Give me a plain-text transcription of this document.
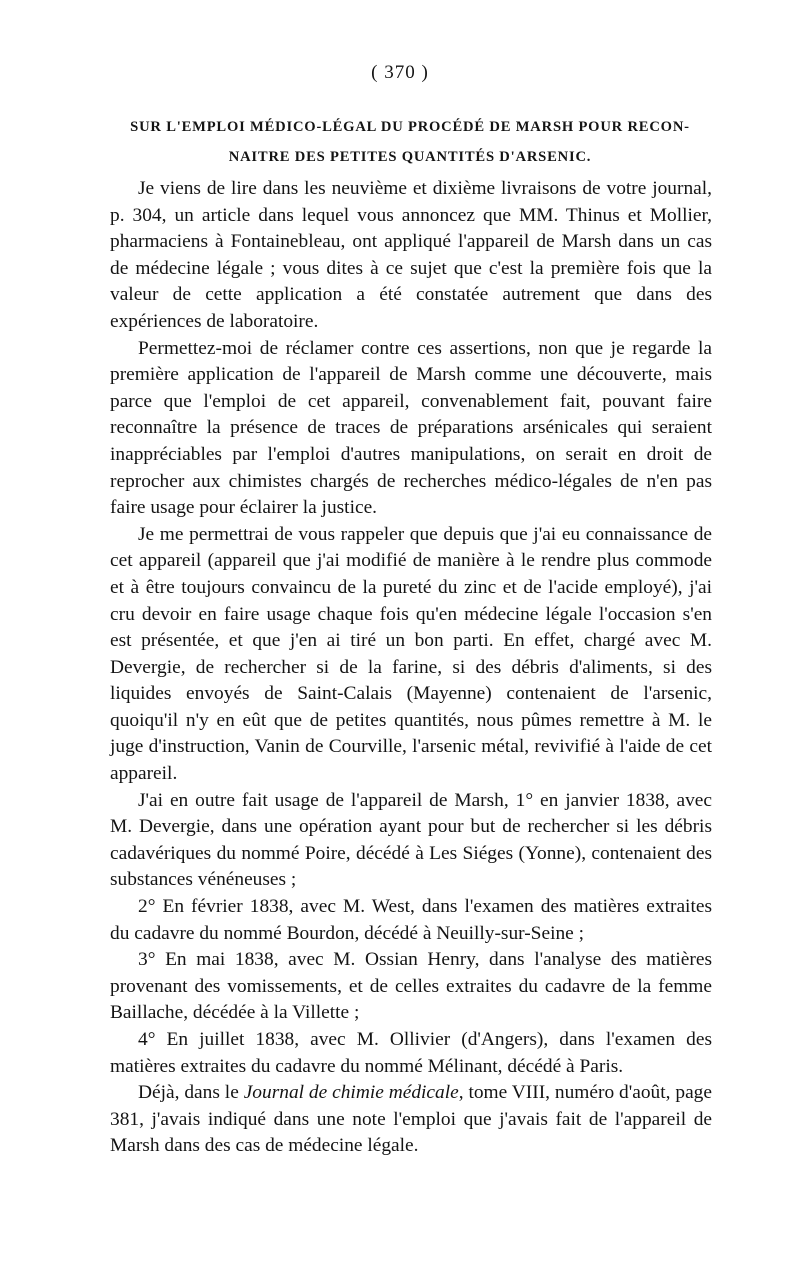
( 370 )
SUR L'EMPLOI MÉDICO-LÉGAL DU PROCÉDÉ DE MARSH POUR RECON-
NAITRE DES PETITES QUANTITÉS D'ARSENIC.

Je viens de lire dans les neuvième et dixième livraisons de votre journal, p. 304, un article dans lequel vous annoncez que MM. Thinus et Mollier, pharmaciens à Fontainebleau, ont appliqué l'appareil de Marsh dans un cas de médecine légale ; vous dites à ce sujet que c'est la première fois que la valeur de cette application a été constatée autrement que dans des expériences de laboratoire.

Permettez-moi de réclamer contre ces assertions, non que je regarde la première application de l'appareil de Marsh comme une découverte, mais parce que l'emploi de cet appareil, convenablement fait, pouvant faire reconnaître la présence de traces de préparations arsénicales qui seraient inappréciables par l'emploi d'autres manipulations, on serait en droit de reprocher aux chimistes chargés de recherches médico-légales de n'en pas faire usage pour éclairer la justice.

Je me permettrai de vous rappeler que depuis que j'ai eu connaissance de cet appareil (appareil que j'ai modifié de manière à le rendre plus commode et à être toujours convaincu de la pureté du zinc et de l'acide employé), j'ai cru devoir en faire usage chaque fois qu'en médecine légale l'occasion s'en est présentée, et que j'en ai tiré un bon parti. En effet, chargé avec M. Devergie, de rechercher si de la farine, si des débris d'aliments, si des liquides envoyés de Saint-Calais (Mayenne) contenaient de l'arsenic, quoiqu'il n'y en eût que de petites quantités, nous pûmes remettre à M. le juge d'instruction, Vanin de Courville, l'arsenic métal, revivifié à l'aide de cet appareil.

J'ai en outre fait usage de l'appareil de Marsh, 1° en janvier 1838, avec M. Devergie, dans une opération ayant pour but de rechercher si les débris cadavériques du nommé Poire, décédé à Les Siéges (Yonne), contenaient des substances vénéneuses ;

2° En février 1838, avec M. West, dans l'examen des matières extraites du cadavre du nommé Bourdon, décédé à Neuilly-sur-Seine ;

3° En mai 1838, avec M. Ossian Henry, dans l'analyse des matières provenant des vomissements, et de celles extraites du cadavre de la femme Baillache, décédée à la Villette ;

4° En juillet 1838, avec M. Ollivier (d'Angers), dans l'examen des matières extraites du cadavre du nommé Mélinant, décédé à Paris.

Déjà, dans le Journal de chimie médicale, tome VIII, numéro d'août, page 381, j'avais indiqué dans une note l'emploi que j'avais fait de l'appareil de Marsh dans des cas de médecine légale.
